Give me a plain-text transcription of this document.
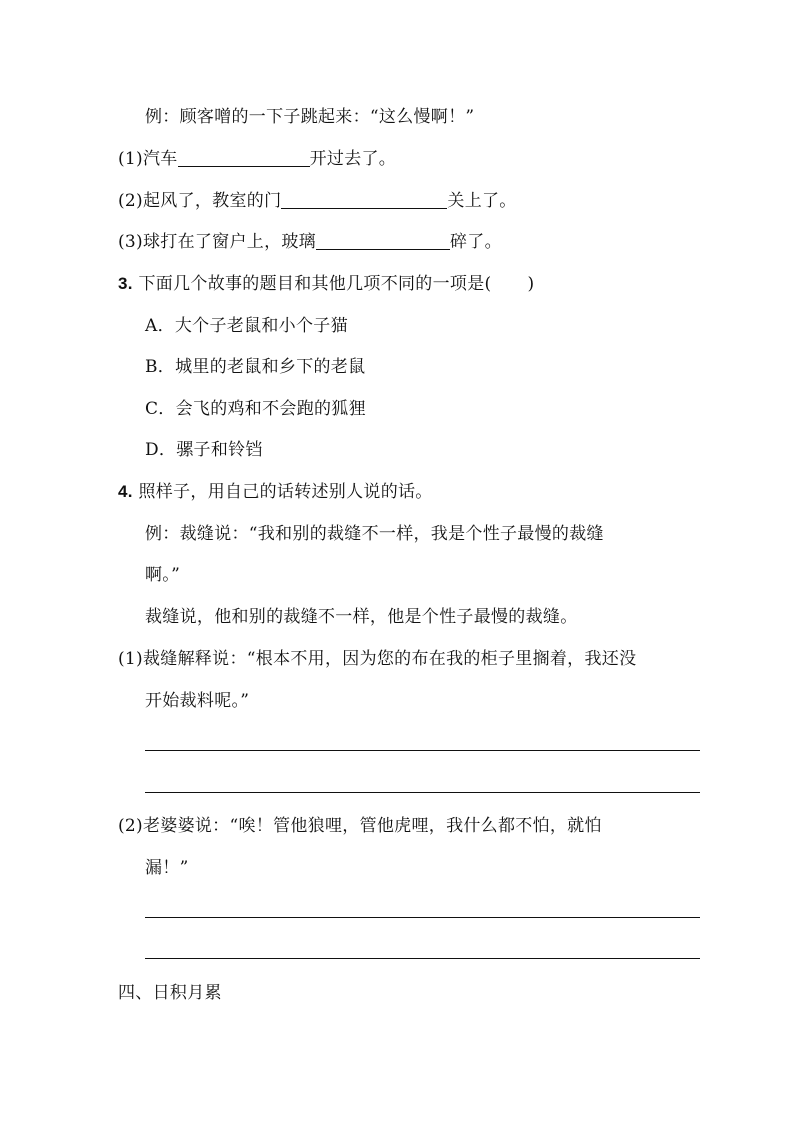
例：顾客噌的一下子跳起来：“这么慢啊！”
(1)汽车	开过去了。
(2)起风了，教室的门	关上了。
(3)球打在了窗户上，玻璃	碎了。
3. 下面几个故事的题目和其他几项不同的一项是( )
A．大个子老鼠和小个子猫
B．城里的老鼠和乡下的老鼠
C．会飞的鸡和不会跑的狐狸
D．骡子和铃铛
4. 照样子，用自己的话转述别人说的话。
例：裁缝说：“我和别的裁缝不一样，我是个性子最慢的裁缝
啊。”
裁缝说，他和别的裁缝不一样，他是个性子最慢的裁缝。
(1)裁缝解释说：“根本不用，因为您的布在我的柜子里搁着，我还没
开始裁料呢。”
(2)老婆婆说：“唉！管他狼哩，管他虎哩，我什么都不怕，就怕
漏！”
四、日积月累
